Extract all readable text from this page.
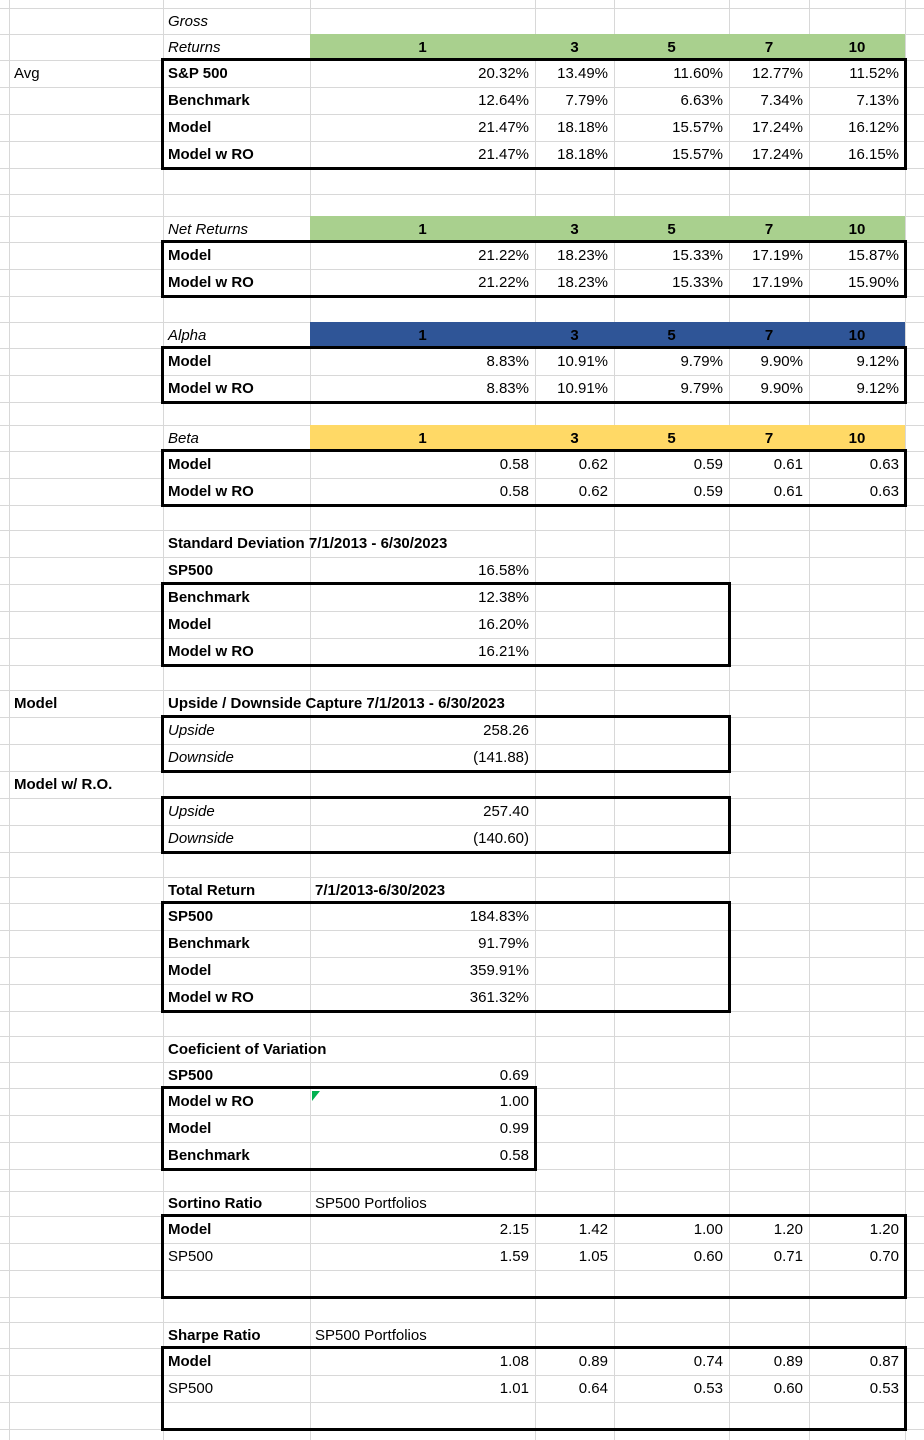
Avg
Model
Model w/ R.O.
Gross
Returns	1	3	5	7	10
S&P 500	20.32%	13.49%	11.60%	12.77%	11.52%
Benchmark	12.64%	7.79%	6.63%	7.34%	7.13%
Model	21.47%	18.18%	15.57%	17.24%	16.12%
Model w RO	21.47%	18.18%	15.57%	17.24%	16.15%
Net Returns	1	3	5	7	10
Model	21.22%	18.23%	15.33%	17.19%	15.87%
Model w RO	21.22%	18.23%	15.33%	17.19%	15.90%
Alpha	1	3	5	7	10
Model	8.83%	10.91%	9.79%	9.90%	9.12%
Model w RO	8.83%	10.91%	9.79%	9.90%	9.12%
Beta	1	3	5	7	10
Model	0.58	0.62	0.59	0.61	0.63
Model w RO	0.58	0.62	0.59	0.61	0.63
Standard Deviation 7/1/2013 - 6/30/2023
SP500	16.58%
Benchmark	12.38%
Model	16.20%
Model w RO	16.21%
Upside / Downside Capture 7/1/2013 - 6/30/2023
Upside	258.26
Downside	(141.88)
Upside	257.40
Downside	(140.60)
Total Return	7/1/2013-6/30/2023
SP500	184.83%
Benchmark	91.79%
Model	359.91%
Model w RO	361.32%
Coeficient of Variation
SP500	0.69
Model w RO	1.00
Model	0.99
Benchmark	0.58
Sortino Ratio	SP500 Portfolios
Model	2.15	1.42	1.00	1.20	1.20
SP500	1.59	1.05	0.60	0.71	0.70
Sharpe Ratio	SP500 Portfolios
Model	1.08	0.89	0.74	0.89	0.87
SP500	1.01	0.64	0.53	0.60	0.53
